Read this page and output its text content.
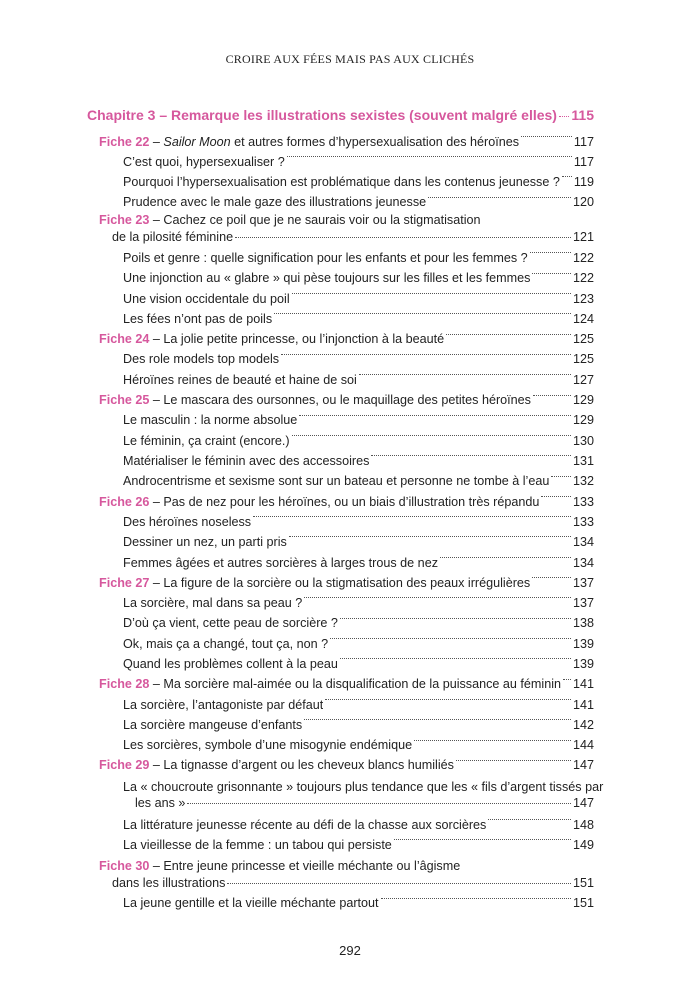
CROIRE AUX FÉES MAIS PAS AUX CLICHÉS
Chapitre 3 – Remarque les illustrations sexistes (souvent malgré elles) 115
Fiche 22 – Sailor Moon et autres formes d’hypersexualisation des héroïnes	117
C’est quoi, hypersexualiser ?	117
Pourquoi l’hypersexualisation est problématique dans les contenus jeunesse ? 119
Prudence avec le male gaze des illustrations jeunesse	120
Fiche 23 – Cachez ce poil que je ne saurais voir ou la stigmatisation
de la pilosité féminine	121
Poils et genre : quelle signification pour les enfants et pour les femmes ?	122
Une injonction au « glabre » qui pèse toujours sur les filles et les femmes	122
Une vision occidentale du poil	123
Les fées n’ont pas de poils	124
Fiche 24 – La jolie petite princesse, ou l’injonction à la beauté	125
Des role models top models	125
Héroïnes reines de beauté et haine de soi	127
Fiche 25 – Le mascara des oursonnes, ou le maquillage des petites héroïnes	129
Le masculin : la norme absolue	129
Le féminin, ça craint (encore.)	130
Matérialiser le féminin avec des accessoires	131
Androcentrisme et sexisme sont sur un bateau et personne ne tombe à l’eau 132
Fiche 26 – Pas de nez pour les héroïnes, ou un biais d’illustration très répandu	133
Des héroïnes noseless	133
Dessiner un nez, un parti pris	134
Femmes âgées et autres sorcières à larges trous de nez	134
Fiche 27 – La figure de la sorcière ou la stigmatisation des peaux irrégulières	137
La sorcière, mal dans sa peau ?	137
D’où ça vient, cette peau de sorcière ?	138
Ok, mais ça a changé, tout ça, non ?	139
Quand les problèmes collent à la peau	139
Fiche 28 – Ma sorcière mal-aimée ou la disqualification de la puissance au féminin 141
La sorcière, l’antagoniste par défaut	141
La sorcière mangeuse d’enfants	142
Les sorcières, symbole d’une misogynie endémique	144
Fiche 29 – La tignasse d’argent ou les cheveux blancs humiliés	147
La « choucroute grisonnante » toujours plus tendance que les « fils d’argent tissés par
les ans »	147
La littérature jeunesse récente au défi de la chasse aux sorcières	148
La vieillesse de la femme : un tabou qui persiste	149
Fiche 30 – Entre jeune princesse et vieille méchante ou l’âgisme
dans les illustrations	151
La jeune gentille et la vieille méchante partout	151
292
